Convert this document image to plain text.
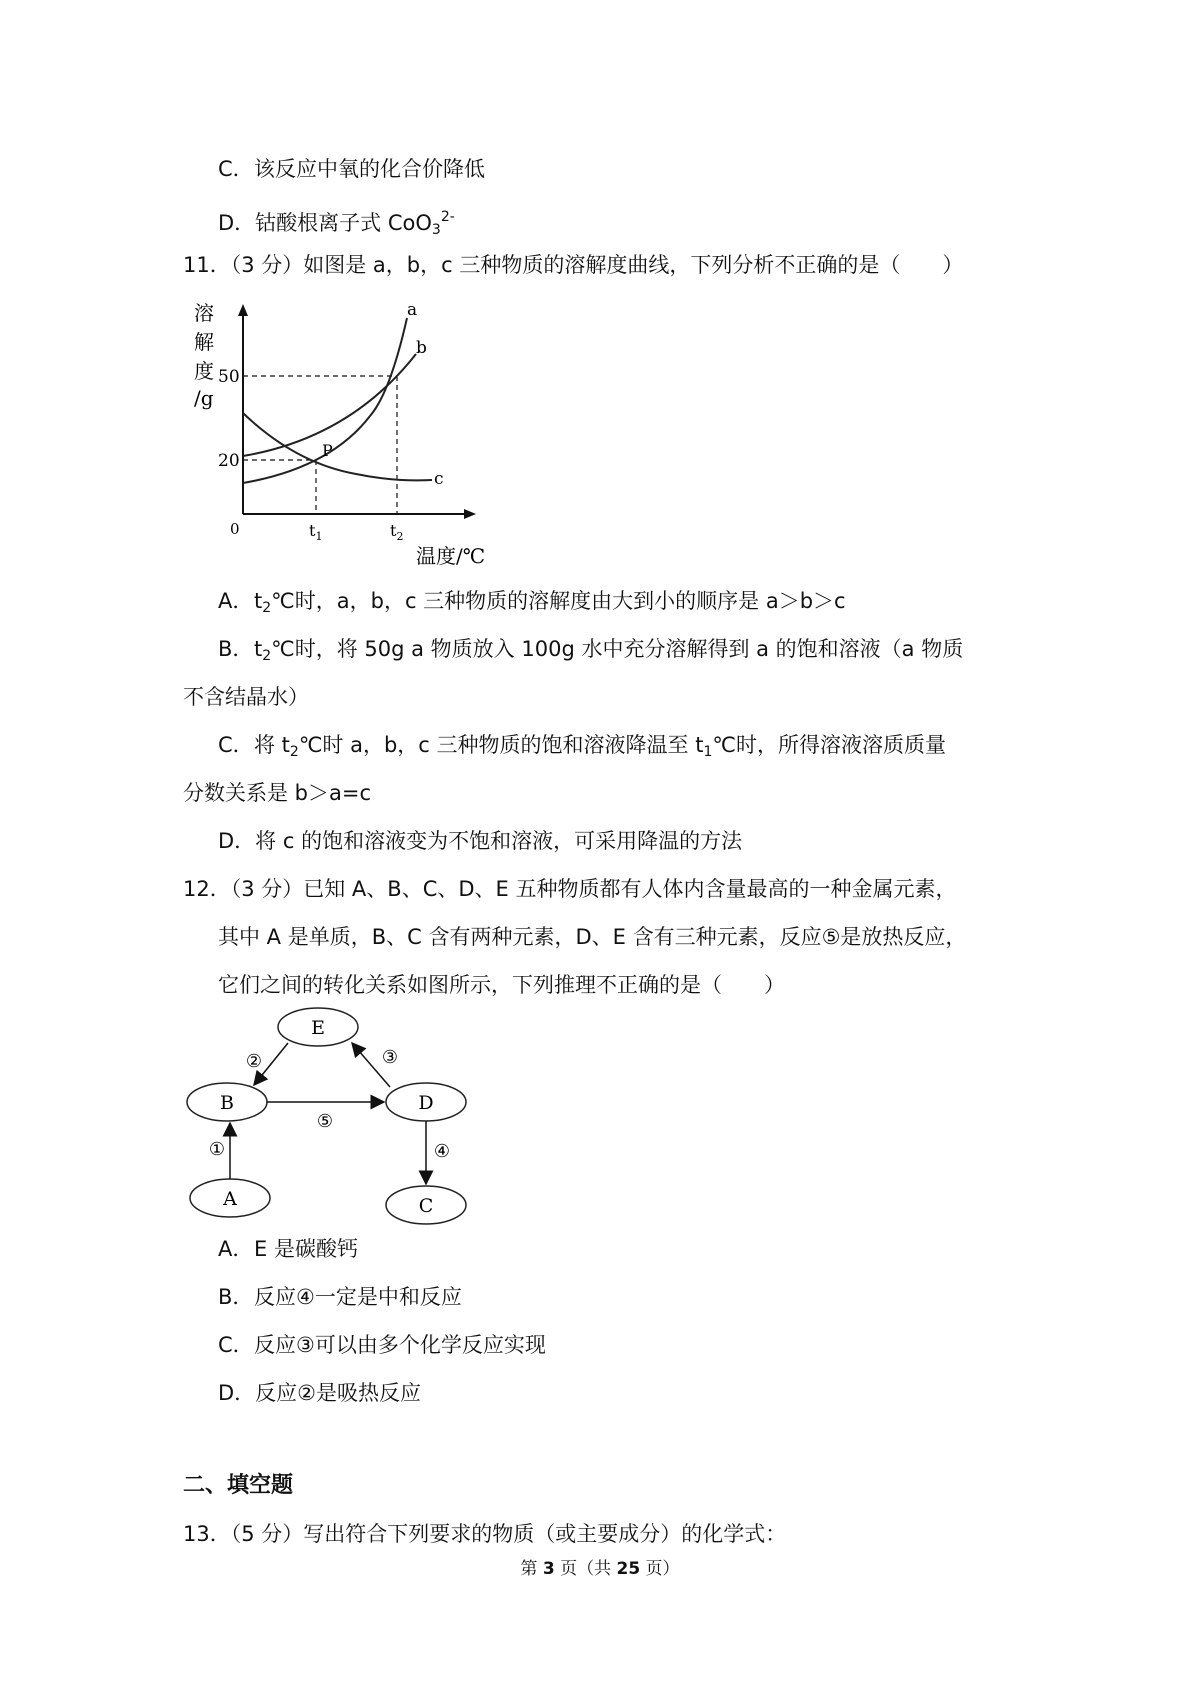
C．该反应中氧的化合价降低
D．钴酸根离子式 CoO$_3^{2-}$
11．（3 分）如图是 a，b，c 三种物质的溶解度曲线，下列分析不正确的是（　　）
溶
解
度
/g
a
b
c
P
50
20
0	$t_1$	$t_2$
温度/℃
A．$t_2℃$时，a，b，c 三种物质的溶解度由大到小的顺序是 a＞b＞c
B．$t_2℃$时，将 50g a 物质放入 100g 水中充分溶解得到 a 的饱和溶液（a 物质
不含结晶水）
C．将 $t_2℃$时 a，b，c 三种物质的饱和溶液降温至 $t_1℃$时，所得溶液溶质质量
分数关系是 b＞a=c
D．将 c 的饱和溶液变为不饱和溶液，可采用降温的方法
12．（3 分）已知 A、B、C、D、E 五种物质都有人体内含量最高的一种金属元素，
其中 A 是单质，B、C 含有两种元素，D、E 含有三种元素，反应⑤是放热反应，
它们之间的转化关系如图所示，下列推理不正确的是（　　）
E
B	D
A	C
②	③
⑤
①	④
A．E 是碳酸钙
B．反应④一定是中和反应
C．反应③可以由多个化学反应实现
D．反应②是吸热反应
二、填空题
13．（5 分）写出符合下列要求的物质（或主要成分）的化学式：
第 3 页（共 25 页）
